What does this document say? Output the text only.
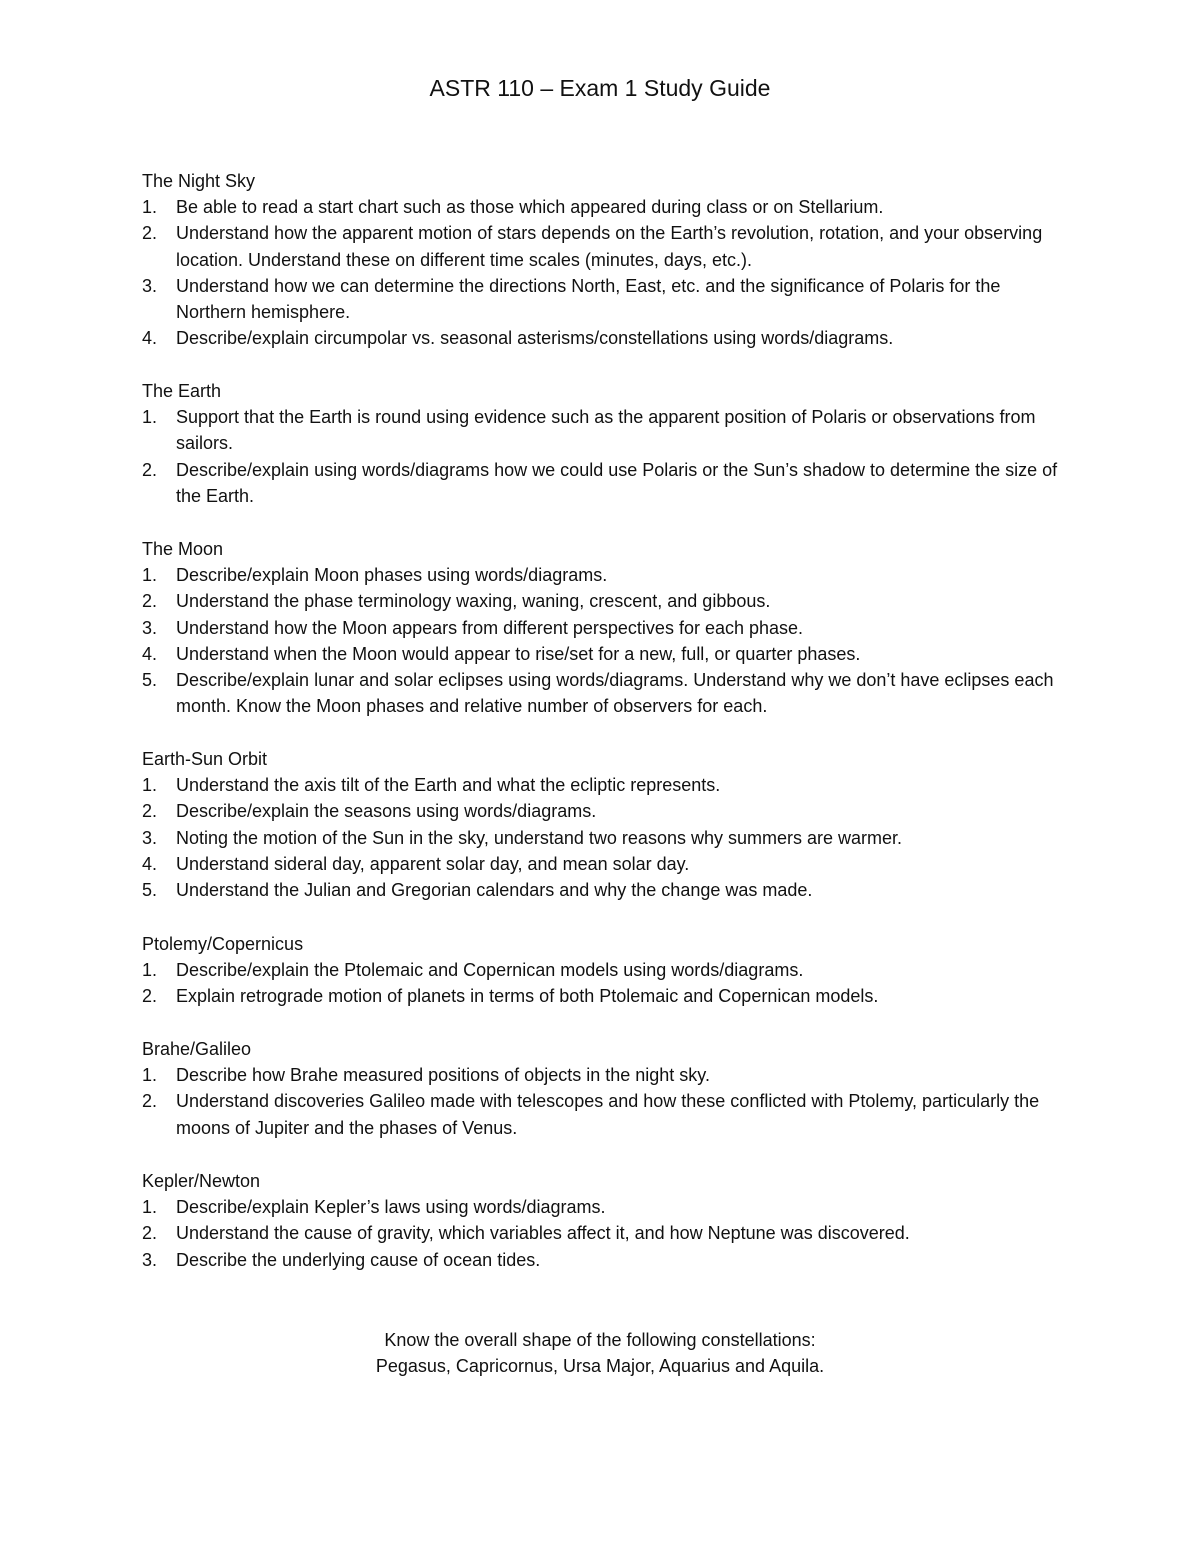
ASTR 110 – Exam 1 Study Guide
The Night Sky
1. Be able to read a start chart such as those which appeared during class or on Stellarium.
2. Understand how the apparent motion of stars depends on the Earth’s revolution, rotation, and your observing location. Understand these on different time scales (minutes, days, etc.).
3. Understand how we can determine the directions North, East, etc. and the significance of Polaris for the Northern hemisphere.
4. Describe/explain circumpolar vs. seasonal asterisms/constellations using words/diagrams.
The Earth
1. Support that the Earth is round using evidence such as the apparent position of Polaris or observations from sailors.
2. Describe/explain using words/diagrams how we could use Polaris or the Sun’s shadow to determine the size of the Earth.
The Moon
1. Describe/explain Moon phases using words/diagrams.
2. Understand the phase terminology waxing, waning, crescent, and gibbous.
3. Understand how the Moon appears from different perspectives for each phase.
4. Understand when the Moon would appear to rise/set for a new, full, or quarter phases.
5. Describe/explain lunar and solar eclipses using words/diagrams. Understand why we don’t have eclipses each month. Know the Moon phases and relative number of observers for each.
Earth-Sun Orbit
1. Understand the axis tilt of the Earth and what the ecliptic represents.
2. Describe/explain the seasons using words/diagrams.
3. Noting the motion of the Sun in the sky, understand two reasons why summers are warmer.
4. Understand sideral day, apparent solar day, and mean solar day.
5. Understand the Julian and Gregorian calendars and why the change was made.
Ptolemy/Copernicus
1. Describe/explain the Ptolemaic and Copernican models using words/diagrams.
2. Explain retrograde motion of planets in terms of both Ptolemaic and Copernican models.
Brahe/Galileo
1. Describe how Brahe measured positions of objects in the night sky.
2. Understand discoveries Galileo made with telescopes and how these conflicted with Ptolemy, particularly the moons of Jupiter and the phases of Venus.
Kepler/Newton
1. Describe/explain Kepler’s laws using words/diagrams.
2. Understand the cause of gravity, which variables affect it, and how Neptune was discovered.
3. Describe the underlying cause of ocean tides.
Know the overall shape of the following constellations:
Pegasus, Capricornus, Ursa Major, Aquarius and Aquila.
